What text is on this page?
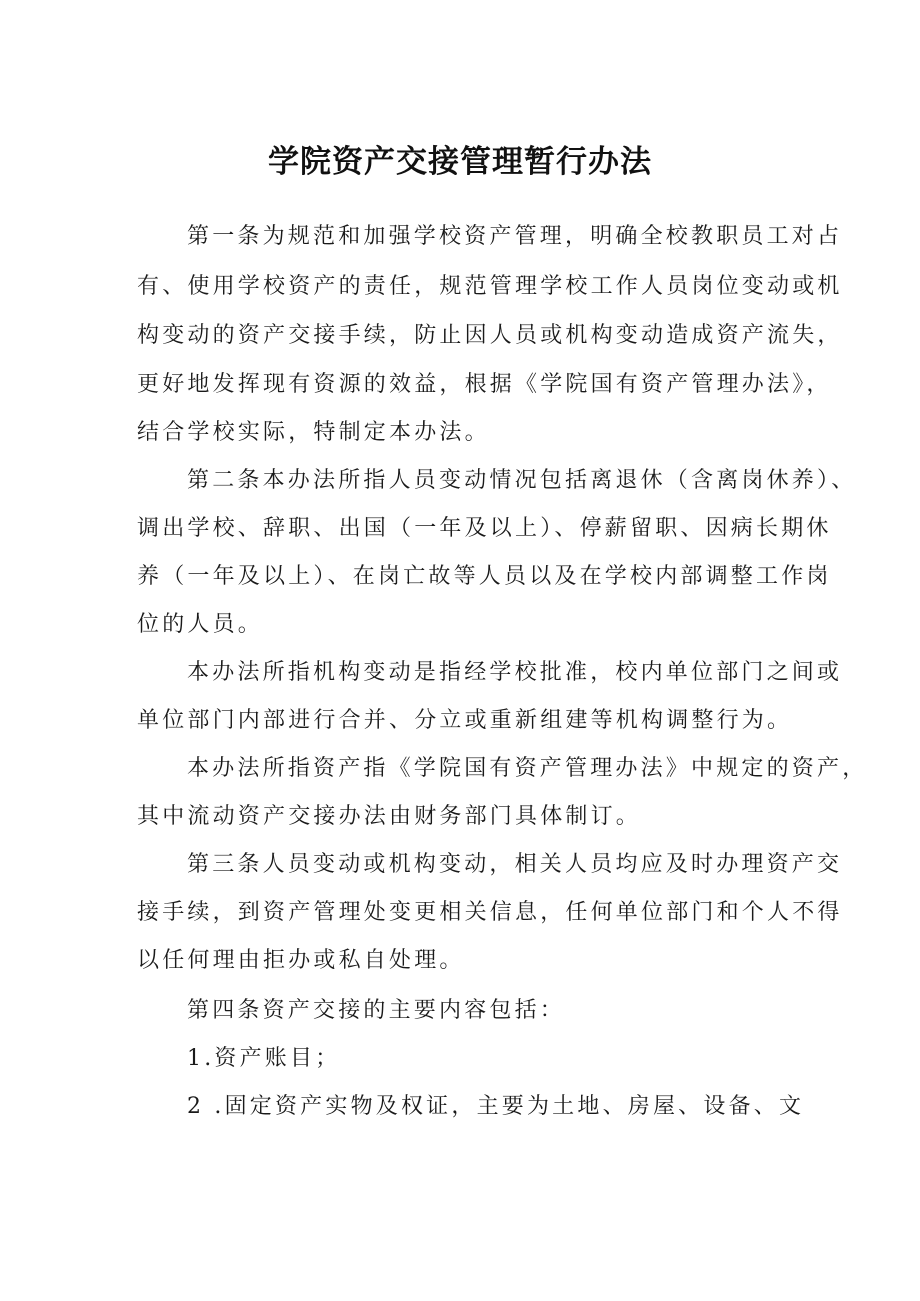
学院资产交接管理暂行办法
第一条为规范和加强学校资产管理，明确全校教职员工对占
有、使用学校资产的责任，规范管理学校工作人员岗位变动或机
构变动的资产交接手续，防止因人员或机构变动造成资产流失，
更好地发挥现有资源的效益，根据《学院国有资产管理办法》，
结合学校实际，特制定本办法。
第二条本办法所指人员变动情况包括离退休（含离岗休养）、
调出学校、辞职、出国（一年及以上）、停薪留职、因病长期休
养（一年及以上）、在岗亡故等人员以及在学校内部调整工作岗
位的人员。
本办法所指机构变动是指经学校批准，校内单位部门之间或
单位部门内部进行合并、分立或重新组建等机构调整行为。
本办法所指资产指《学院国有资产管理办法》中规定的资产，
其中流动资产交接办法由财务部门具体制订。
第三条人员变动或机构变动，相关人员均应及时办理资产交
接手续，到资产管理处变更相关信息，任何单位部门和个人不得
以任何理由拒办或私自处理。
第四条资产交接的主要内容包括：
1.资产账目；
2 .固定资产实物及权证，主要为土地、房屋、设备、文
